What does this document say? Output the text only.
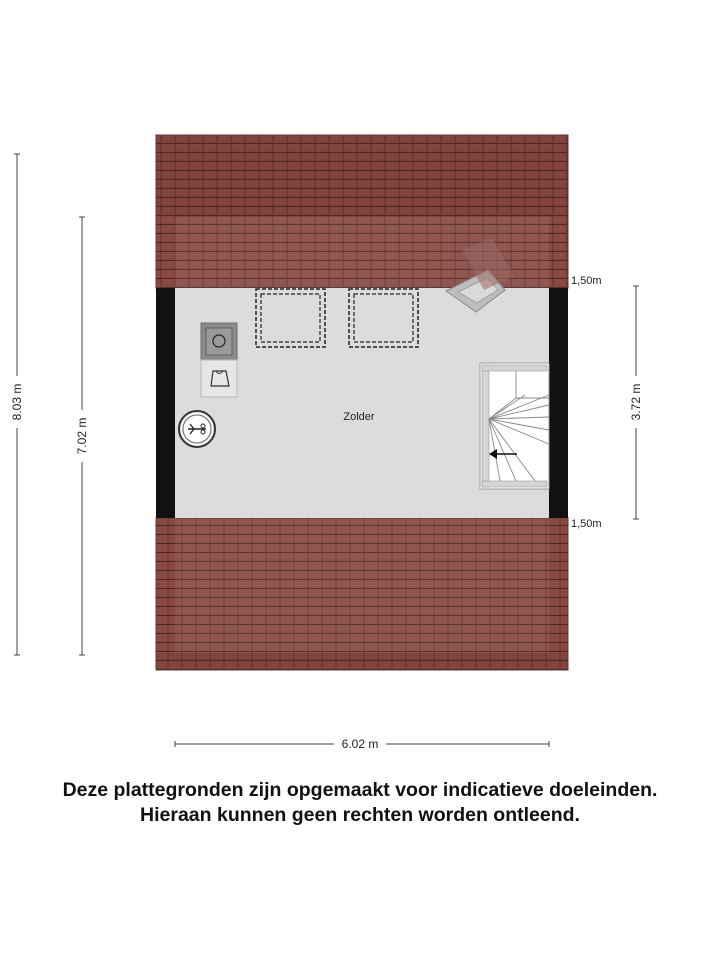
Zolder
8.03 m
7.02 m
3.72 m
1,50m
1,50m
6.02 m
Deze plattegronden zijn opgemaakt voor indicatieve doeleinden.
Hieraan kunnen geen rechten worden ontleend.
